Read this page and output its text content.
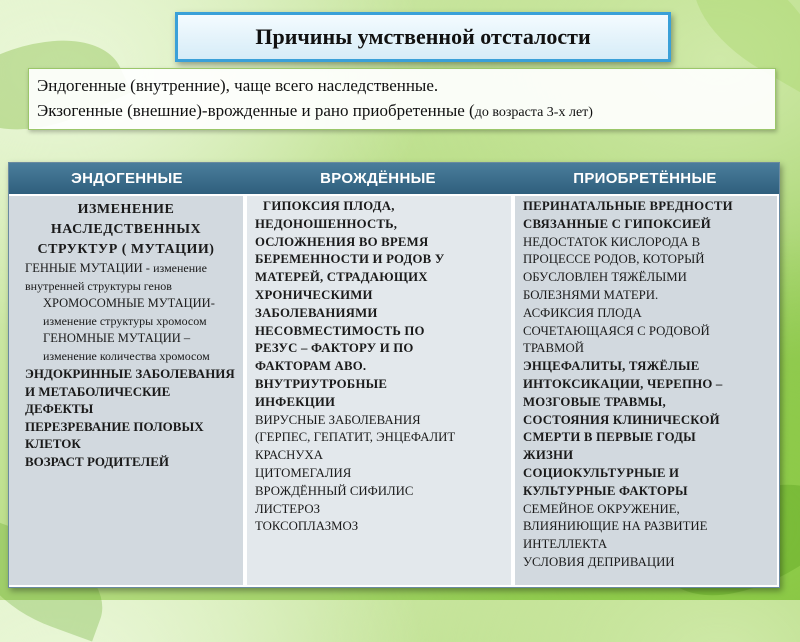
Причины умственной отсталости
Эндогенные (внутренние), чаще всего наследственные.
Экзогенные (внешние)-врожденные и рано приобретенные (до возраста 3-х лет)
ЭНДОГЕННЫЕ	ВРОЖДЁННЫЕ	ПРИОБРЕТЁННЫЕ
ИЗМЕНЕНИЕ
НАСЛЕДСТВЕННЫХ
СТРУКТУР ( МУТАЦИИ)
ГЕННЫЕ МУТАЦИИ - изменение внутренней структуры генов
ХРОМОСОМНЫЕ МУТАЦИИ- изменение структуры хромосом
ГЕНОМНЫЕ МУТАЦИИ – изменение количества хромосом
ЭНДОКРИННЫЕ ЗАБОЛЕВАНИЯ И МЕТАБОЛИЧЕСКИЕ ДЕФЕКТЫ
ПЕРЕЗРЕВАНИЕ ПОЛОВЫХ КЛЕТОК
ВОЗРАСТ РОДИТЕЛЕЙ
ГИПОКСИЯ ПЛОДА,
НЕДОНОШЕННОСТЬ,
ОСЛОЖНЕНИЯ ВО ВРЕМЯ
БЕРЕМЕННОСТИ И РОДОВ У
МАТЕРЕЙ, СТРАДАЮЩИХ
ХРОНИЧЕСКИМИ
ЗАБОЛЕВАНИЯМИ
НЕСОВМЕСТИМОСТЬ ПО
РЕЗУС – ФАКТОРУ И ПО
ФАКТОРАМ АВО.
ВНУТРИУТРОБНЫЕ
ИНФЕКЦИИ
ВИРУСНЫЕ ЗАБОЛЕВАНИЯ
(ГЕРПЕС, ГЕПАТИТ, ЭНЦЕФАЛИТ
КРАСНУХА
ЦИТОМЕГАЛИЯ
ВРОЖДЁННЫЙ СИФИЛИС
ЛИСТЕРОЗ
ТОКСОПЛАЗМОЗ
ПЕРИНАТАЛЬНЫЕ ВРЕДНОСТИ
СВЯЗАННЫЕ С ГИПОКСИЕЙ
НЕДОСТАТОК КИСЛОРОДА В
ПРОЦЕССЕ РОДОВ, КОТОРЫЙ
ОБУСЛОВЛЕН ТЯЖЁЛЫМИ
БОЛЕЗНЯМИ МАТЕРИ.
АСФИКСИЯ ПЛОДА
СОЧЕТАЮЩАЯСЯ С РОДОВОЙ
ТРАВМОЙ
ЭНЦЕФАЛИТЫ, ТЯЖЁЛЫЕ
ИНТОКСИКАЦИИ, ЧЕРЕПНО –
МОЗГОВЫЕ ТРАВМЫ,
СОСТОЯНИЯ КЛИНИЧЕСКОЙ
СМЕРТИ В ПЕРВЫЕ ГОДЫ
ЖИЗНИ
СОЦИОКУЛЬТУРНЫЕ И
КУЛЬТУРНЫЕ ФАКТОРЫ
СЕМЕЙНОЕ ОКРУЖЕНИЕ,
ВЛИЯНИЮЩИЕ НА РАЗВИТИЕ
ИНТЕЛЛЕКТА
УСЛОВИЯ ДЕПРИВАЦИИ
